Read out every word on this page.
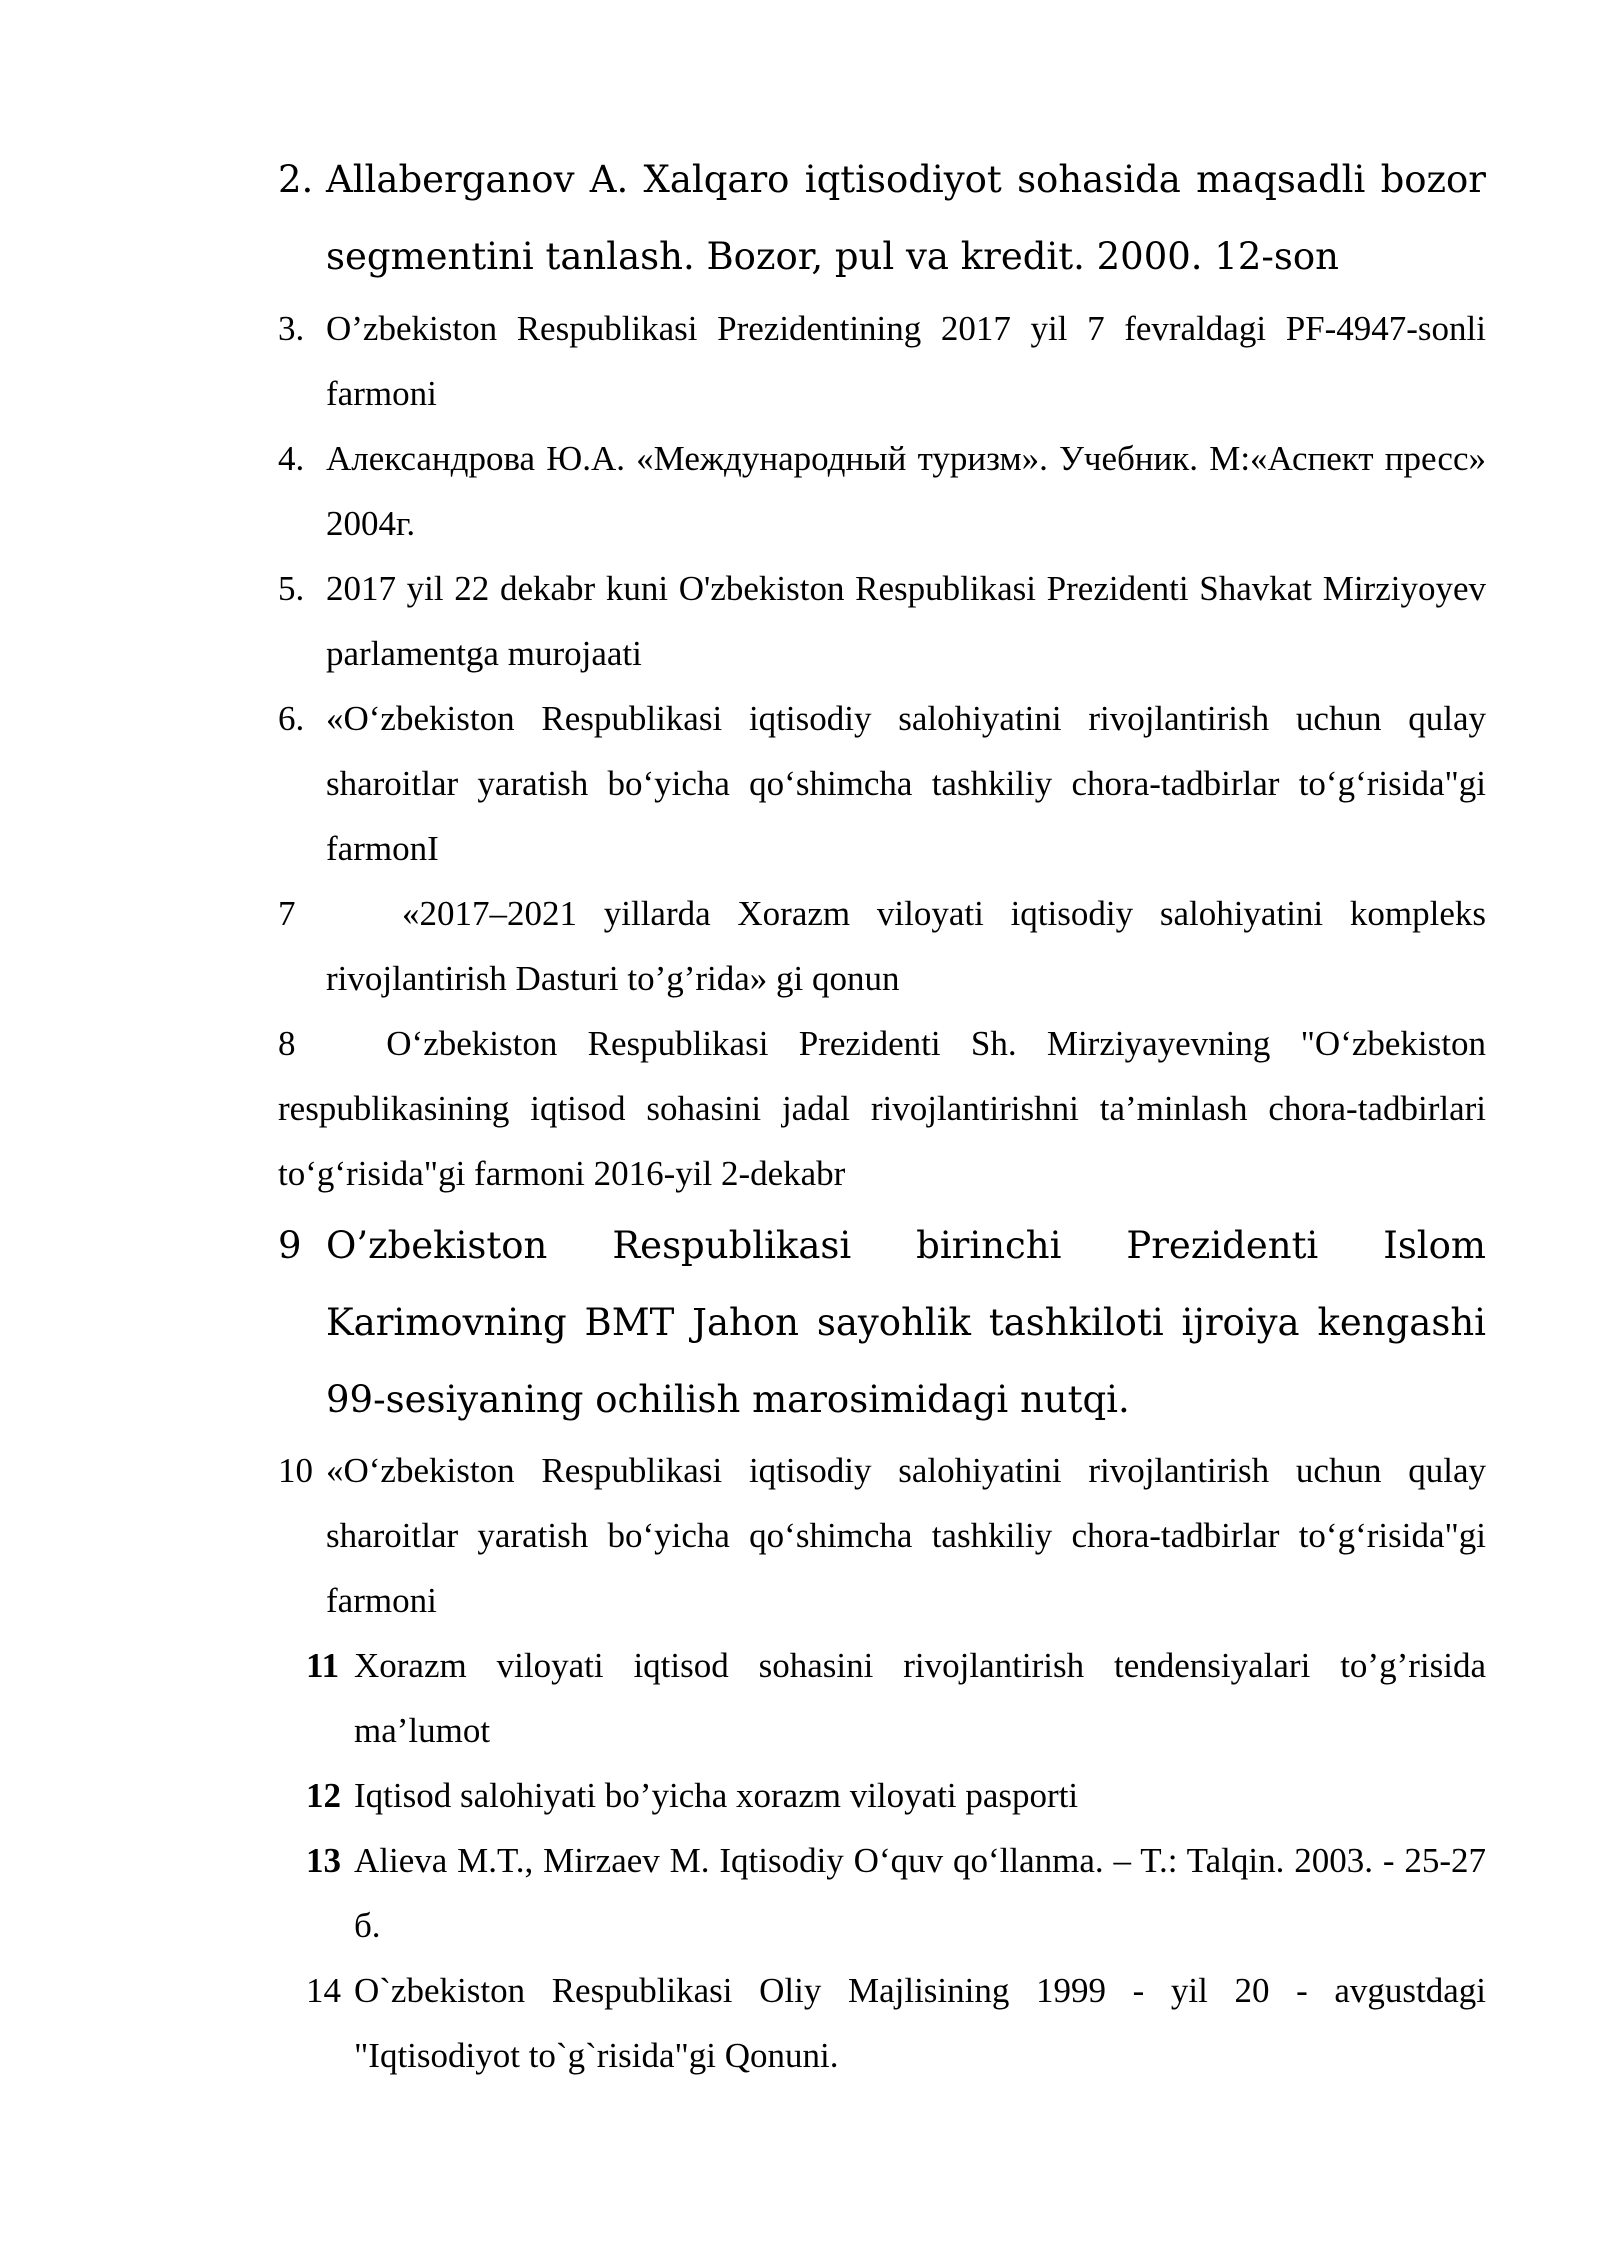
2. Allaberganov A. Xalqaro iqtisodiyot sohasida maqsadli bozor segmentini tanlash. Bozor, pul va kredit. 2000. 12-son

3. O’zbekiston Respublikasi Prezidentining 2017 yil 7 fevraldagi PF-4947-sonli farmoni

4. Александрова Ю.А. «Международный туризм». Учебник. М:«Аспект пресс» 2004г.

5. 2017 yil 22 dekabr kuni O'zbekiston Respublikasi Prezidenti Shavkat Mirziyoyev parlamentga murojaati

6. «O‘zbekiston Respublikasi iqtisodiy salohiyatini rivojlantirish uchun qulay sharoitlar yaratish bo‘yicha qo‘shimcha tashkiliy chora-tadbirlar to‘g‘risida"gi farmonI

7	«2017–2021 yillarda Xorazm viloyati iqtisodiy salohiyatini kompleks rivojlantirish Dasturi to’g’rida» gi qonun

8	O‘zbekiston Respublikasi Prezidenti Sh. Mirziyayevning "O‘zbekiston respublikasining iqtisod sohasini jadal rivojlantirishni ta’minlash chora-tadbirlari to‘g‘risida"gi farmoni 2016-yil 2-dekabr

9 O’zbekiston Respublikasi birinchi Prezidenti Islom Karimovning BMT Jahon sayohlik tashkiloti ijroiya kengashi 99-sesiyaning ochilish marosimidagi nutqi.

10 «O‘zbekiston Respublikasi iqtisodiy salohiyatini rivojlantirish uchun qulay sharoitlar yaratish bo‘yicha qo‘shimcha tashkiliy chora-tadbirlar to‘g‘risida"gi farmoni

11 Xorazm viloyati iqtisod sohasini rivojlantirish tendensiyalari to’g’risida ma’lumot

12 Iqtisod salohiyati bo’yicha xorazm viloyati pasporti

13 Alieva M.T., Mirzaev M. Iqtisodiy O‘quv qo‘llanma. – T.: Talqin. 2003. - 25-27 б.

14 O`zbekiston Respublikasi Oliy Majlisining 1999 - yil 20 - avgustdagi "Iqtisodiyot to`g`risida"gi Qonuni.
